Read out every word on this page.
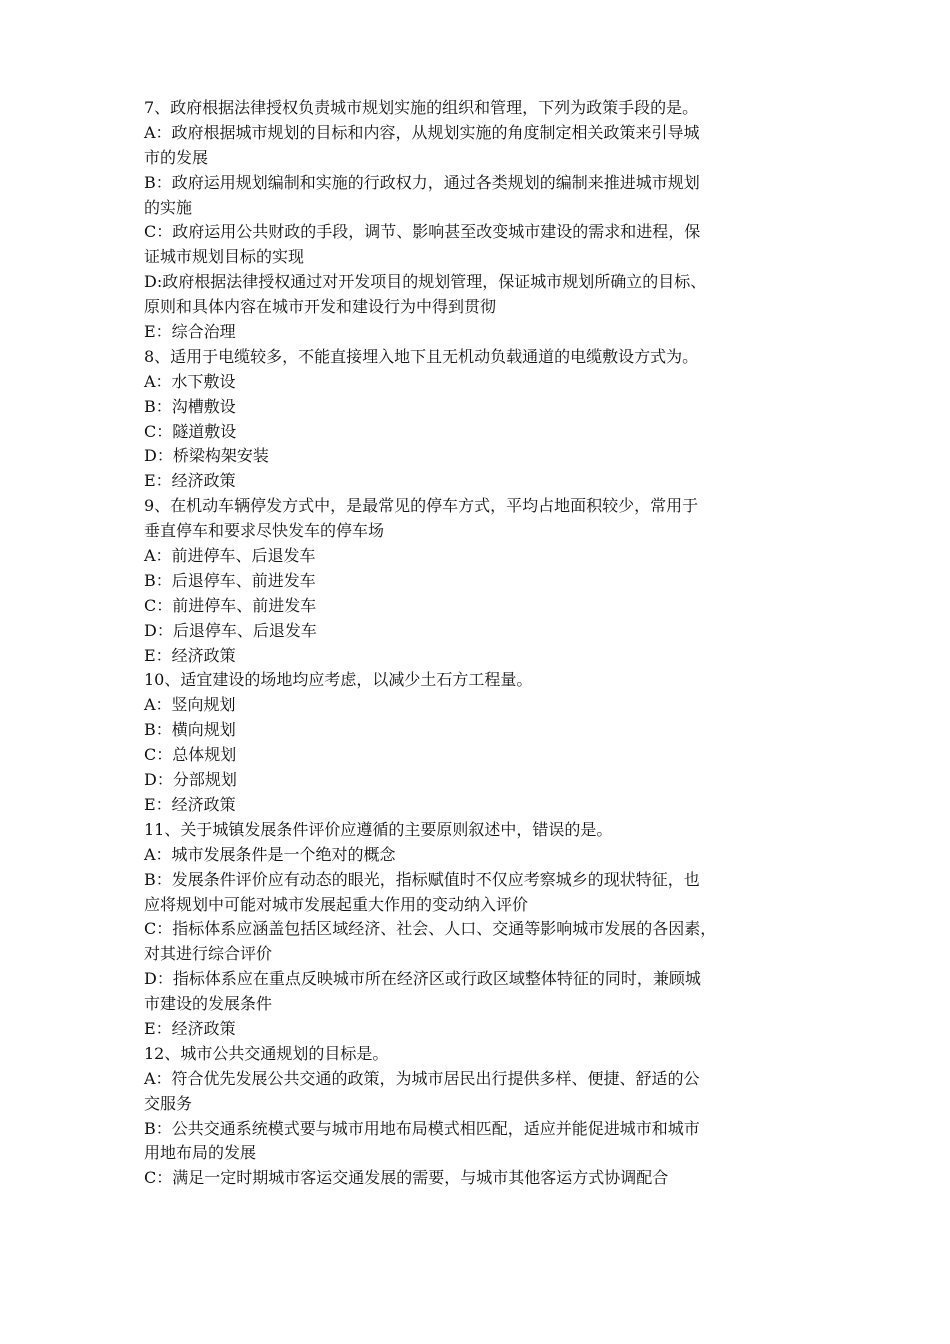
7、政府根据法律授权负责城市规划实施的组织和管理，下列为政策手段的是。
A：政府根据城市规划的目标和内容，从规划实施的角度制定相关政策来引导城
市的发展
B：政府运用规划编制和实施的行政权力，通过各类规划的编制来推进城市规划
的实施
C：政府运用公共财政的手段，调节、影响甚至改变城市建设的需求和进程，保
证城市规划目标的实现
D:政府根据法律授权通过对开发项目的规划管理，保证城市规划所确立的目标、
原则和具体内容在城市开发和建设行为中得到贯彻
E：综合治理
8、适用于电缆较多，不能直接埋入地下且无机动负载通道的电缆敷设方式为。
A：水下敷设
B：沟槽敷设
C：隧道敷设
D：桥梁构架安装
E：经济政策
9、在机动车辆停发方式中，是最常见的停车方式，平均占地面积较少，常用于
垂直停车和要求尽快发车的停车场
A：前进停车、后退发车
B：后退停车、前进发车
C：前进停车、前进发车
D：后退停车、后退发车
E：经济政策
10、适宜建设的场地均应考虑，以减少土石方工程量。
A：竖向规划
B：横向规划
C：总体规划
D：分部规划
E：经济政策
11、关于城镇发展条件评价应遵循的主要原则叙述中，错误的是。
A：城市发展条件是一个绝对的概念
B：发展条件评价应有动态的眼光，指标赋值时不仅应考察城乡的现状特征，也
应将规划中可能对城市发展起重大作用的变动纳入评价
C：指标体系应涵盖包括区域经济、社会、人口、交通等影响城市发展的各因素，
对其进行综合评价
D：指标体系应在重点反映城市所在经济区或行政区域整体特征的同时，兼顾城
市建设的发展条件
E：经济政策
12、城市公共交通规划的目标是。
A：符合优先发展公共交通的政策，为城市居民出行提供多样、便捷、舒适的公
交服务
B：公共交通系统模式要与城市用地布局模式相匹配，适应并能促进城市和城市
用地布局的发展
C：满足一定时期城市客运交通发展的需要，与城市其他客运方式协调配合
